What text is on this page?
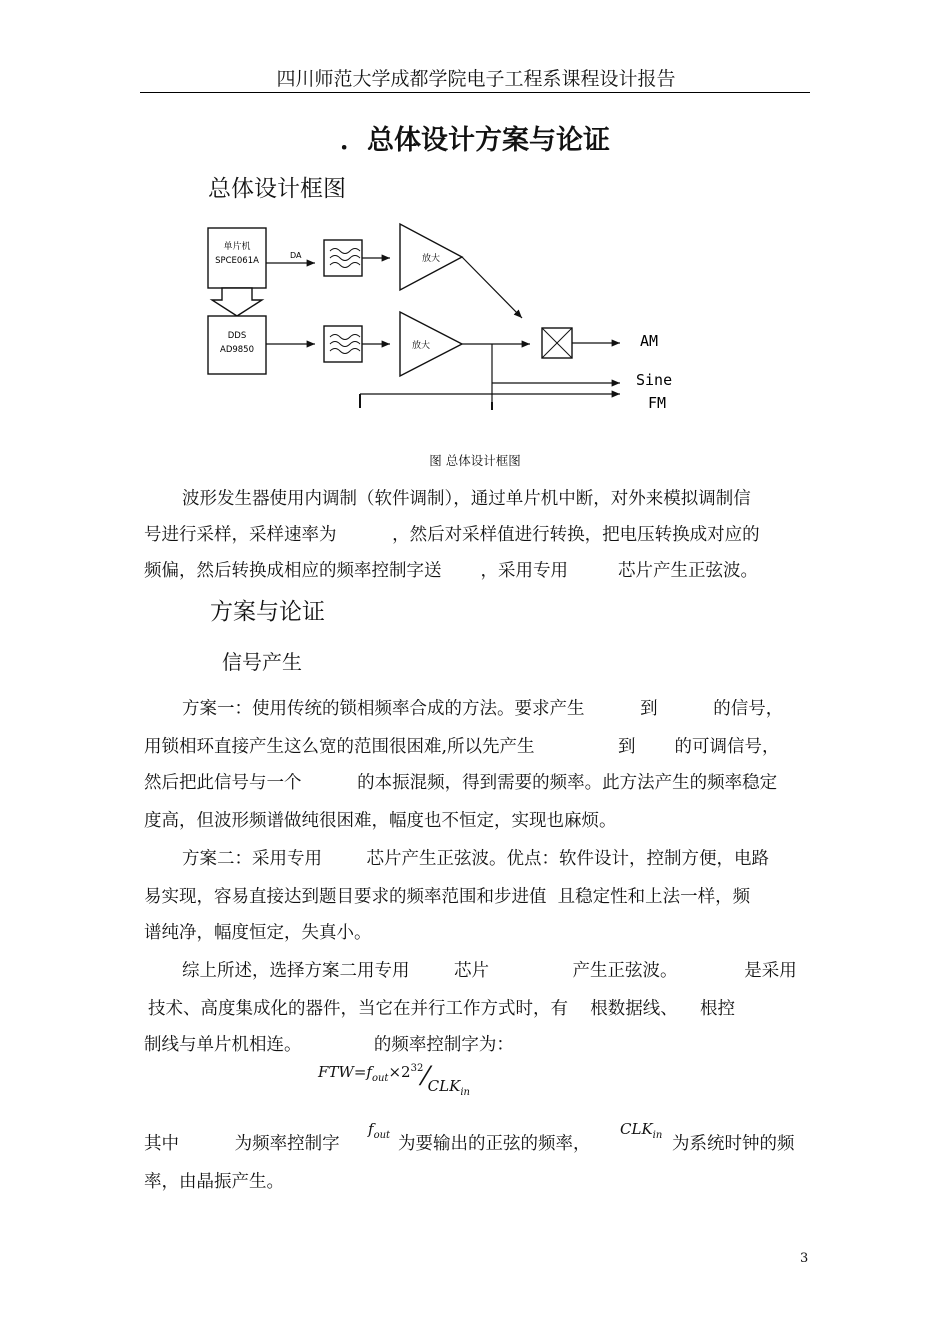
四川师范大学成都学院电子工程系课程设计报告
．总体设计方案与论证
总体设计框图
单片机
SPCE061A
DA	放大
DDS
AD9850	放大	AM
Sine
FM
图 总体设计框图
波形发生器使用内调制（软件调制），通过单片机中断，对外来模拟调制信
号进行采样，采样速率为          ，然后对采样值进行转换，把电压转换成对应的
频偏，然后转换成相应的频率控制字送       ，采用专用         芯片产生正弦波。
方案与论证
信号产生
方案一：使用传统的锁相频率合成的方法。要求产生          到          的信号，
用锁相环直接产生这么宽的范围很困难,所以先产生               到       的可调信号，
然后把此信号与一个          的本振混频，得到需要的频率。此方法产生的频率稳定
度高，但波形频谱做纯很困难，幅度也不恒定，实现也麻烦。
方案二：采用专用        芯片产生正弦波。优点：软件设计，控制方便，电路
易实现，容易直接达到题目要求的频率范围和步进值  且稳定性和上法一样，频
谱纯净，幅度恒定，失真小。
综上所述，选择方案二用专用        芯片               产生正弦波。            是采用
技术、高度集成化的器件，当它在并行工作方式时，有    根数据线、    根控
制线与单片机相连。             的频率控制字为：
$FTW=f_{out}\times 2^{32}⁄CLK_{in}$
其中          为频率控制字
$f_{out}$ 为要输出的正弦的频率，
$CLK_{in}$ 为系统时钟的频
率，由晶振产生。
3
